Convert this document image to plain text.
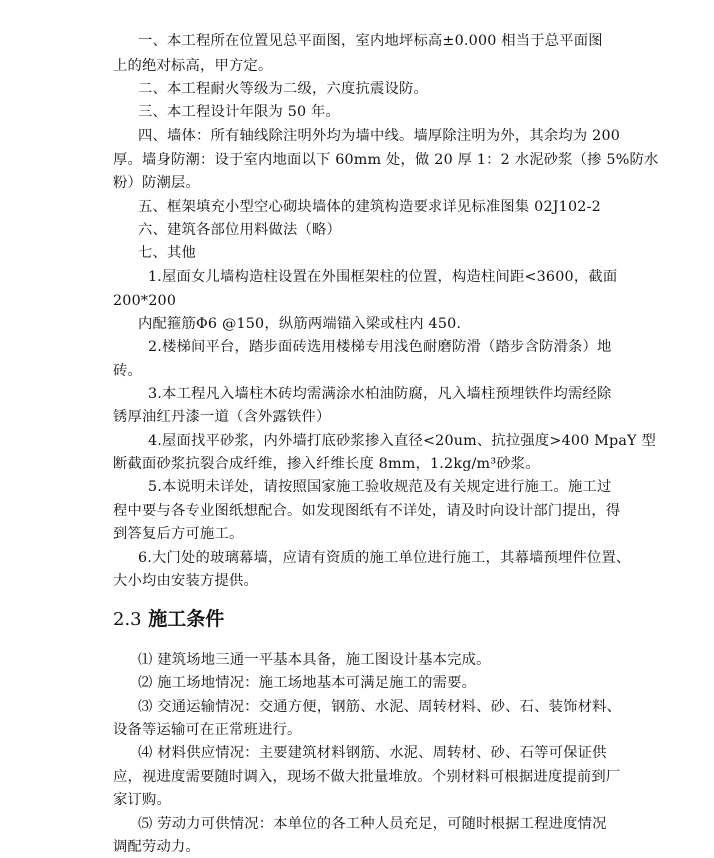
一、本工程所在位置见总平面图，室内地坪标高±0.000 相当于总平面图
上的绝对标高，甲方定。
二、本工程耐火等级为二级，六度抗震设防。
三、本工程设计年限为 50 年。
四、墙体：所有轴线除注明外均为墙中线。墙厚除注明为外，其余均为 200
厚。墙身防潮：设于室内地面以下 60mm 处，做 20 厚 1：2 水泥砂浆（掺 5%防水
粉）防潮层。
五、框架填充小型空心砌块墙体的建筑构造要求详见标准图集 02J102-2
六、建筑各部位用料做法（略）
七、其他
1.屋面女儿墙构造柱设置在外围框架柱的位置，构造柱间距<3600，截面
200*200
内配箍筋Φ6 @150，纵筋两端锚入梁或柱内 450.
2.楼梯间平台，踏步面砖选用楼梯专用浅色耐磨防滑（踏步含防滑条）地
砖。
3.本工程凡入墙柱木砖均需满涂水柏油防腐，凡入墙柱预埋铁件均需经除
锈厚油红丹漆一道（含外露铁件）
4.屋面找平砂浆，内外墙打底砂浆掺入直径<20um、抗拉强度>400 MpaY 型
断截面砂浆抗裂合成纤维，掺入纤维长度 8mm，1.2kg/m³砂浆。
5.本说明未详处，请按照国家施工验收规范及有关规定进行施工。施工过
程中要与各专业图纸想配合。如发现图纸有不详处，请及时向设计部门提出，得
到答复后方可施工。
6.大门处的玻璃幕墙，应请有资质的施工单位进行施工，其幕墙预埋件位置、
大小均由安装方提供。
2.3 施工条件
⑴ 建筑场地三通一平基本具备，施工图设计基本完成。
⑵ 施工场地情况：施工场地基本可满足施工的需要。
⑶ 交通运输情况：交通方便，钢筋、水泥、周转材料、砂、石、装饰材料、
设备等运输可在正常班进行。
⑷ 材料供应情况：主要建筑材料钢筋、水泥、周转材、砂、石等可保证供
应，视进度需要随时调入，现场不做大批量堆放。个别材料可根据进度提前到厂
家订购。
⑸ 劳动力可供情况：本单位的各工种人员充足，可随时根据工程进度情况
调配劳动力。
